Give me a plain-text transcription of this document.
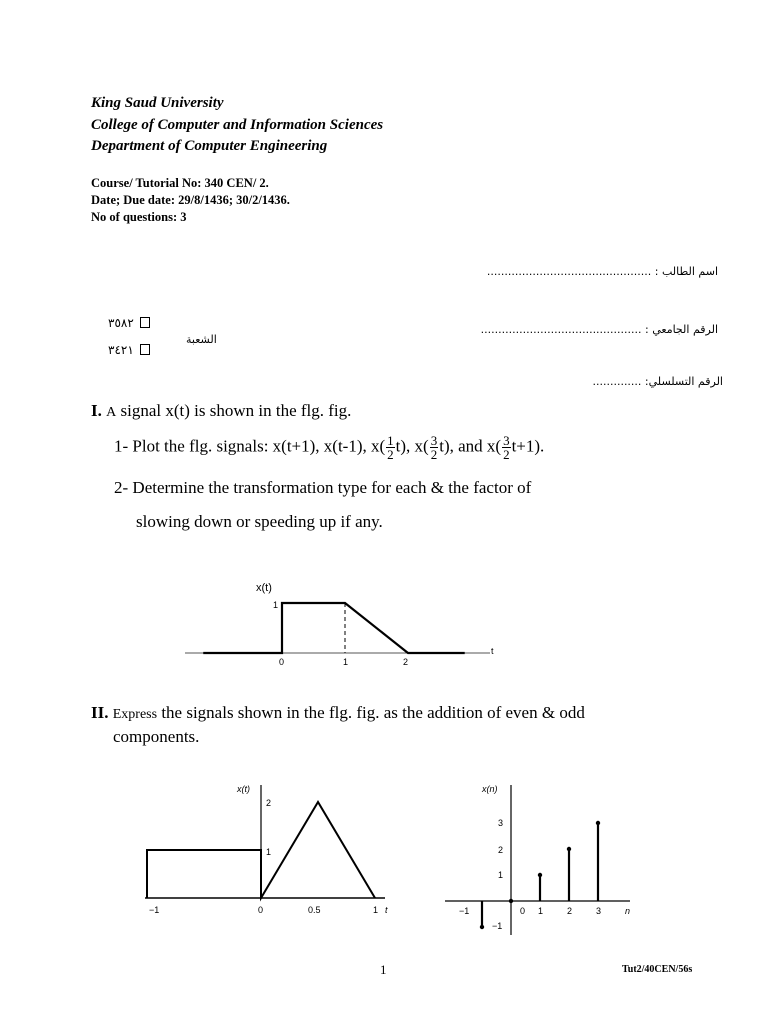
King Saud University
College of Computer and Information Sciences
Department of Computer Engineering
Course/ Tutorial No: 340 CEN/ 2.
Date; Due date: 29/8/1436; 30/2/1436.
No of questions: 3
اسم الطالب : ...............................................
الرقم الجامعي : ..............................................
الرقم التسلسلي: ..............
الشعبة
٣٥٨٢
٣٤٢١
I. A signal x(t) is shown in the flg. fig.
1- Plot the flg. signals: x(t+1), x(t-1), $x( \frac{1}{2} t)$, $x( \frac{3}{2} t)$, and $x( \frac{3}{2} t+1)$.
2- Determine the transformation type for each & the factor of
slowing down or speeding up if any.
x(t)
1
t
0	1	2
II. Express the signals shown in the flg. fig. as the addition of even & odd
components.
x(t)
2
1
−1	0	0.5	1 t
x(n)
3
2
1
−1
−1	0 1	2	3	n
1	Tut2/40CEN/56s
